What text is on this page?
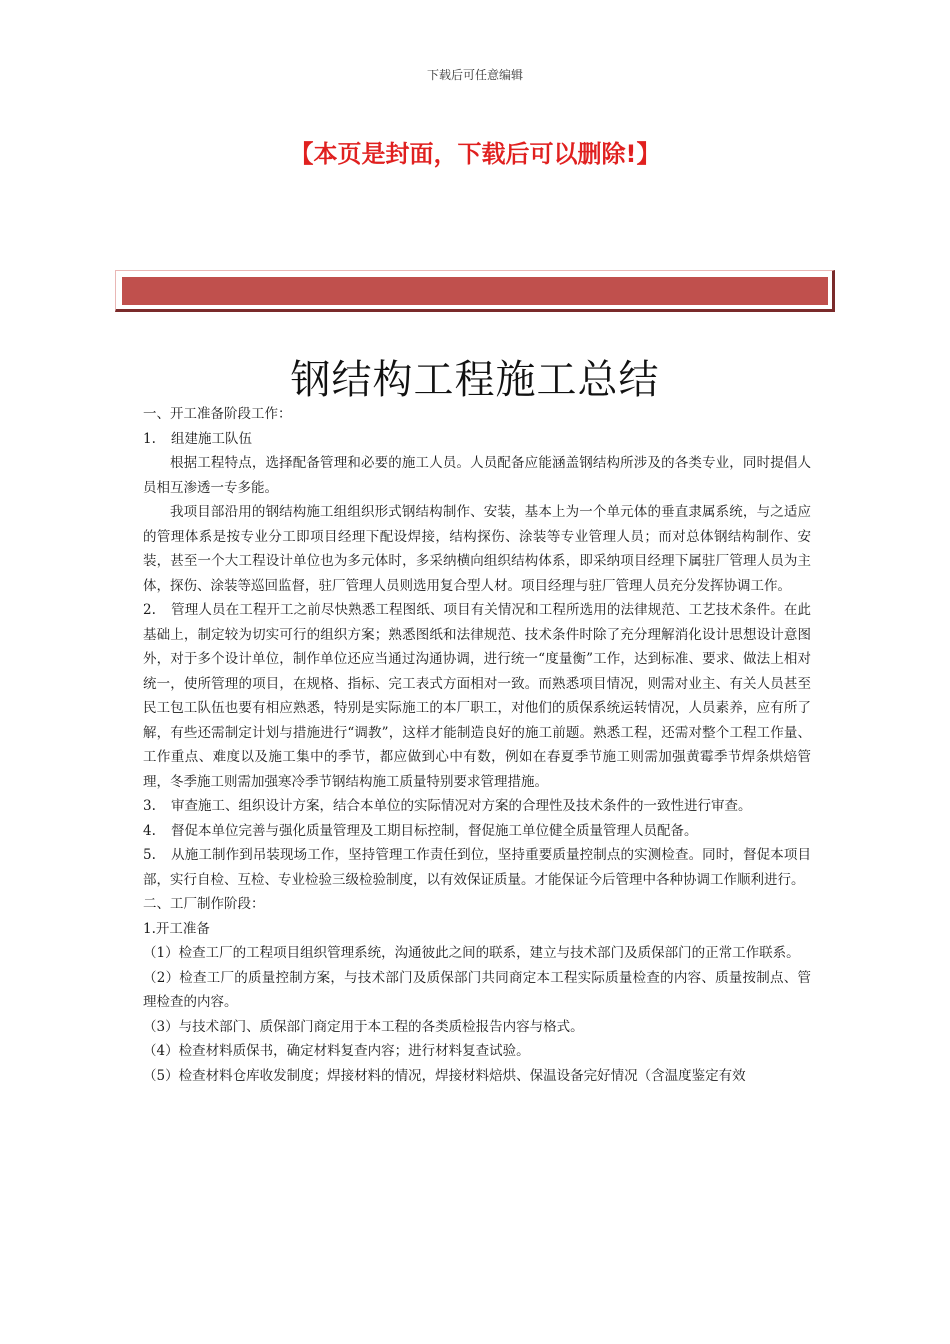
下载后可任意编辑
【本页是封面，下载后可以删除!】
钢结构工程施工总结

一、开工准备阶段工作：

1. 组建施工队伍

根据工程特点，选择配备管理和必要的施工人员。人员配备应能涵盖钢结构所涉及的各类专业，同时提倡人员相互渗透一专多能。

我项目部沿用的钢结构施工组组织形式钢结构制作、安装，基本上为一个单元体的垂直隶属系统，与之适应的管理体系是按专业分工即项目经理下配设焊接，结构探伤、涂装等专业管理人员；而对总体钢结构制作、安装，甚至一个大工程设计单位也为多元体时，多采纳横向组织结构体系，即采纳项目经理下属驻厂管理人员为主体，探伤、涂装等巡回监督，驻厂管理人员则选用复合型人材。项目经理与驻厂管理人员充分发挥协调工作。

2. 管理人员在工程开工之前尽快熟悉工程图纸、项目有关情况和工程所选用的法律规范、工艺技术条件。在此基础上，制定较为切实可行的组织方案；熟悉图纸和法律规范、技术条件时除了充分理解消化设计思想设计意图外，对于多个设计单位，制作单位还应当通过沟通协调，进行统一“度量衡”工作，达到标准、要求、做法上相对统一，使所管理的项目，在规格、指标、完工表式方面相对一致。而熟悉项目情况，则需对业主、有关人员甚至民工包工队伍也要有相应熟悉，特别是实际施工的本厂职工，对他们的质保系统运转情况，人员素养，应有所了解，有些还需制定计划与措施进行“调教”，这样才能制造良好的施工前题。熟悉工程，还需对整个工程工作量、工作重点、难度以及施工集中的季节，都应做到心中有数，例如在春夏季节施工则需加强黄霉季节焊条烘焙管理，冬季施工则需加强寒冷季节钢结构施工质量特别要求管理措施。

3. 审查施工、组织设计方案，结合本单位的实际情况对方案的合理性及技术条件的一致性进行审查。

4. 督促本单位完善与强化质量管理及工期目标控制，督促施工单位健全质量管理人员配备。

5. 从施工制作到吊装现场工作，坚持管理工作责任到位，坚持重要质量控制点的实测检查。同时，督促本项目部，实行自检、互检、专业检验三级检验制度，以有效保证质量。才能保证今后管理中各种协调工作顺利进行。

二、工厂制作阶段：

1.开工准备

（1）检查工厂的工程项目组织管理系统，沟通彼此之间的联系，建立与技术部门及质保部门的正常工作联系。

（2）检查工厂的质量控制方案，与技术部门及质保部门共同商定本工程实际质量检查的内容、质量按制点、管理检查的内容。

（3）与技术部门、质保部门商定用于本工程的各类质检报告内容与格式。

（4）检查材料质保书，确定材料复查内容；进行材料复查试验。

（5）检查材料仓库收发制度；焊接材料的情况，焊接材料焙烘、保温设备完好情况（含温度鉴定有效
